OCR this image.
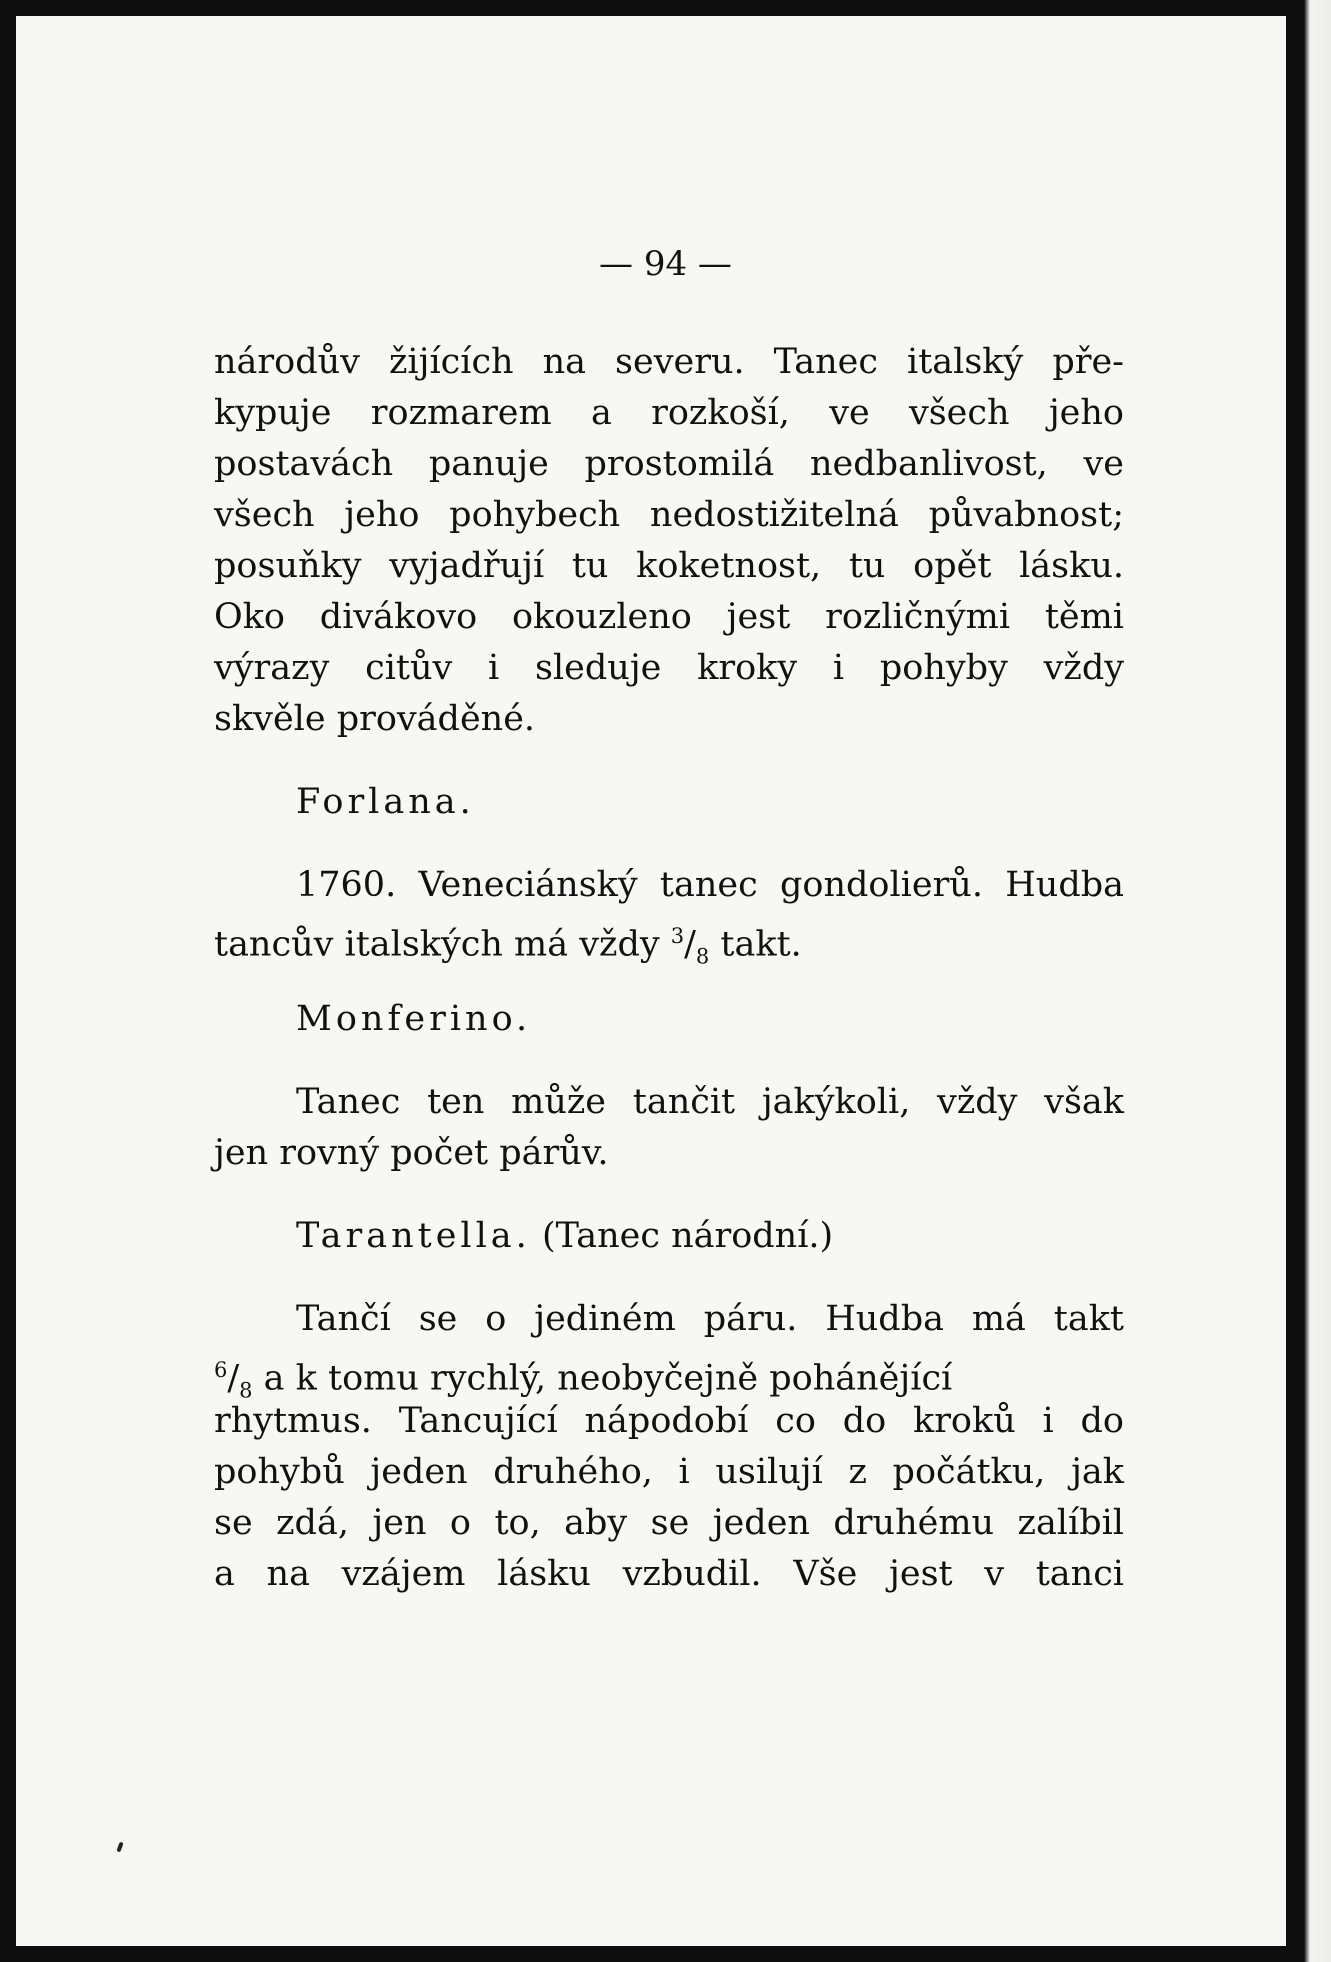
— 94 —
národův žijících na severu. Tanec italský pře-
kypuje rozmarem a rozkoší, ve všech jeho
postavách panuje prostomilá nedbanlivost, ve
všech jeho pohybech nedostižitelná půvabnost;
posuňky vyjadřují tu koketnost, tu opět lásku.
Oko divákovo okouzleno jest rozličnými těmi
výrazy citův i sleduje kroky i pohyby vždy
skvěle prováděné.
Forlana.
1760. Veneciánský tanec gondolierů. Hudba
tancův italských má vždy $^3/_8$ takt.
Monferino.
Tanec ten může tančit jakýkoli, vždy však
jen rovný počet párův.
Tarantella. (Tanec národní.)
Tančí se o jediném páru. Hudba má takt
$^6/_8$ a k tomu rychlý, neobyčejně pohánějící
rhytmus. Tancující nápodobí co do kroků i do
pohybů jeden druhého, i usilují z počátku, jak
se zdá, jen o to, aby se jeden druhému zalíbil
a na vzájem lásku vzbudil. Vše jest v tanci
